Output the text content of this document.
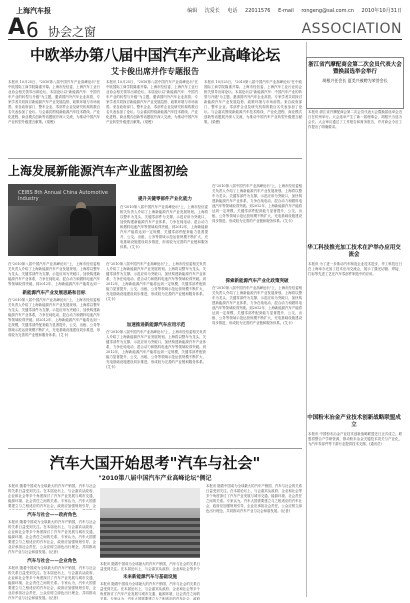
上海汽车报	编辑 沈爱长 电话 22011576 E-mail rongeng@sal.com.cn 2010年10月31日
A 6 协会之窗	ASSOCIATION
中欧举办第八届中国汽车产业高峰论坛
艾卡俊出席并作专题报告
本报讯 10月25日，"2010第八届中国汽车产业高峰论坛"在中欧国际工商学院隆重开幕。上海市经信委、上海汽车工业行业协会相关领导出席论坛。本届论坛以"新能源汽车：中国汽车产业的转型与升级"为主题，邀请国内外汽车企业高管、专家学者共同探讨新能源汽车产业发展趋势、政策环境与市场前景。来自政府部门、整车企业、零部件企业及研究机构的数百名代表参加了论坛。与会嘉宾围绕新能源汽车技术路线、产业化进程、商业模式创新等话题展开深入交流，为推动中国汽车产业转型升级建言献策。(梁俊)
本报讯 10月25日，"2010第八届中国汽车产业高峰论坛"在中欧国际工商学院隆重开幕。上海市经信委、上海汽车工业行业协会相关领导出席论坛。本届论坛以"新能源汽车：中国汽车产业的转型与升级"为主题，邀请国内外汽车企业高管、专家学者共同探讨新能源汽车产业发展趋势、政策环境与市场前景。来自政府部门、整车企业、零部件企业及研究机构的数百名代表参加了论坛。与会嘉宾围绕新能源汽车技术路线、产业化进程、商业模式创新等话题展开深入交流，为推动中国汽车产业转型升级建言献策。(梁俊)
本报讯 10月25日，"2010第八届中国汽车产业高峰论坛"在中欧国际工商学院隆重开幕。上海市经信委、上海汽车工业行业协会相关领导出席论坛。本届论坛以"新能源汽车：中国汽车产业的转型与升级"为主题，邀请国内外汽车企业高管、专家学者共同探讨新能源汽车产业发展趋势、政策环境与市场前景。来自政府部门、整车企业、零部件企业及研究机构的数百名代表参加了论坛。与会嘉宾围绕新能源汽车技术路线、产业化进程、商业模式创新等话题展开深入交流，为推动中国汽车产业转型升级建言献策。(梁俊)
上海发展新能源汽车产业蓝图初绘
CEIBS 8th Annual China Automotive Industry	提升关键零部件产业化能力
在"2010第八届中国汽车产业高峰论坛"上，上海市经信委相关负责人介绍了上海新能源汽车产业发展规划。上海将以整车为龙头、关键零部件为支撑、示范应用为突破口，加快构建新能源汽车产业体系，力争在纯电动、混合动力和燃料电池汽车等领域取得突破。到2012年，上海新能源汽车产能将达到一定规模，关键零部件配套能力显著提升，公交、出租、公务等领域示范运营规模不断扩大，充电基础设施建设同步推进，形成较为完善的产业链和服务体系。(艾卡)
在"2010第八届中国汽车产业高峰论坛"上，上海市经信委相关负责人介绍了上海新能源汽车产业发展规划。上海将以整车为龙头、关键零部件为支撑、示范应用为突破口，加快构建新能源汽车产业体系，力争在纯电动、混合动力和燃料电池汽车等领域取得突破。到2012年，上海新能源汽车产能将达到一定规模，关键零部件配套能力显著提升，公交、出租、公务等领域示范运营规模不断扩大，充电基础设施建设同步推进，形成较为完善的产业链和服务体系。(艾卡)
在"2010第八届中国汽车产业高峰论坛"上，上海市经信委相关负责人介绍了上海新能源汽车产业发展规划。上海将以整车为龙头、关键零部件为支撑、示范应用为突破口，加快构建新能源汽车产业体系，力争在纯电动、混合动力和燃料电池汽车等领域取得突破。到2012年，上海新能源汽车产能将达到一
新能源汽车产业发展思路和目标
在"2010第八届中国汽车产业高峰论坛"上，上海市经信委相关负责人介绍了上海新能源汽车产业发展规划。上海将以整车为龙头、关键零部件为支撑、示范应用为突破口，加快构建新能源汽车产业体系，力争在纯电动、混合动力和燃料电池汽车等领域取得突破。到2012年，上海新能源汽车产能将达到一定规模，关键零部件配套能力显著提升，公交、出租、公务等领域示范运营规模不断扩大，充电基础设施建设同步推进，形成较为完善的产业链和服务体系。(艾卡)
在"2010第八届中国汽车产业高峰论坛"上，上海市经信委相关负责人介绍了上海新能源汽车产业发展规划。上海将以整车为龙头、关键零部件为支撑、示范应用为突破口，加快构建新能源汽车产业体系，力争在纯电动、混合动力和燃料电池汽车等领域取得突破。到2012年，上海新能源汽车产能将达到一定规模，关键零部件配套能力显著提升，公交、出租、公务等领域示范运营规模不断扩大，充电基础设施建设同步推进，形成较为完善的产业链和服务体系。(艾卡)
加速推进新能源汽车应用示范
在"2010第八届中国汽车产业高峰论坛"上，上海市经信委相关负责人介绍了上海新能源汽车产业发展规划。上海将以整车为龙头、关键零部件为支撑、示范应用为突破口，加快构建新能源汽车产业体系，力争在纯电动、混合动力和燃料电池汽车等领域取得突破。到2012年，上海新能源汽车产能将达到一定规模，关键零部件配套能力显著提升，公交、出租、公务等领域示范运营规模不断扩大，充电基础设施建设同步推进，形成较为完善的产业链和服务体系。(艾卡)
探索新能源汽车产业化政策突破
在"2010第八届中国汽车产业高峰论坛"上，上海市经信委相关负责人介绍了上海新能源汽车产业发展规划。上海将以整车为龙头、关键零部件为支撑、示范应用为突破口，加快构建新能源汽车产业体系，力争在纯电动、混合动力和燃料电池汽车等领域取得突破。到2012年，上海新能源汽车产能将达到一定规模，关键零部件配套能力显著提升，公交、出租、公务等领域示范运营规模不断扩大，充电基础设施建设同步推进，形成较为完善的产业链和服务体系。(艾卡)
汽车大国开始思考"汽车与社会"
"2010第八届中国汽车产业高峰论坛"侧记
本报讯 随着中国成为全球最大的汽车产销国，汽车与社会的关系日益受到关注。在本届论坛上，与会嘉宾从政府、企业和社会等多个角度探讨了汽车产业发展与城市交通、能源环境、社会责任之间的关系。专家认为，汽车大国需要建立与之相适应的汽车社会，政府应加强规划引导，企
汽车与社会——政府角色
本报讯 随着中国成为全球最大的汽车产销国，汽车与社会的关系日益受到关注。在本届论坛上，与会嘉宾从政府、企业和社会等多个角度探讨了汽车产业发展与城市交通、能源环境、社会责任之间的关系。专家认为，汽车大国需要建立与之相适应的汽车社会，政府应加强规划引导，企业应承担社会责任，公众应树立绿色出行理念，共同推动汽车产业与社会和谐发展。(记者)
汽车与社会——企业角色
本报讯 随着中国成为全球最大的汽车产销国，汽车与社会的关系日益受到关注。在本届论坛上，与会嘉宾从政府、企业和社会等多个角度探讨了汽车产业发展与城市交通、能源环境、社会责任之间的关系。专家认为，汽车大国需要建立与之相适应的汽车社会，政府应加强规划引导，企业应承担社会责任，公众应树立绿色出行理念，共同推动汽车产业与社会和谐发展。(记者)
本报讯 随着中国成为全球最大的汽车产销国，汽车与社会的关系日益受到关注。在本届论坛上，与会嘉宾从政府、企业和社会等多个
未来新能源汽车与基础设施
本报讯 随着中国成为全球最大的汽车产销国，汽车与社会的关系日益受到关注。在本届论坛上，与会嘉宾从政府、企业和社会等多个角度探讨了汽车产业发展与城市交通、能源环境、社会责任之间的关系。专家认为，汽车大国需要建立与之相适应的汽车社会，政府
本报讯 随着中国成为全球最大的汽车产销国，汽车与社会的关系日益受到关注。在本届论坛上，与会嘉宾从政府、企业和社会等多个角度探讨了汽车产业发展与城市交通、能源环境、社会责任之间的关系。专家认为，汽车大国需要建立与之相适应的汽车社会，政府应加强规划引导，企业应承担社会责任，公众应树立绿色出行理念，共同推动汽车产业与社会和谐发展。(记者)
浙江省汽摩配商会第二次会员代表大会暨换届选举会举行
胡根兴任会长 夏美兴被聘为荣誉会长
本报讯 浙江省汽摩配商会第二次会员代表大会暨换届选举会近日在杭州举行。大会选举产生了新一届理事会，胡根兴当选为会长。大会审议通过了工作报告和财务报告，并对商会今后工作提出了明确要求。
华工科技推光加工技术在沪举办应用交流会
本报讯 为了进一步推动汽车制造企业技术进步，华工科技近日在上海举办光加工技术应用交流会，展示了激光切割、焊接、打标等先进工艺在汽车零部件制造中的应用。
中国粉末冶金产业技术创新战略联盟成立
本报讯 中国粉末冶金产业技术创新战略联盟近日正式成立。联盟将整合产学研资源，推动粉末冶金关键技术攻关与产业化，为汽车零部件等下游行业提供技术支撑。(通讯员)
